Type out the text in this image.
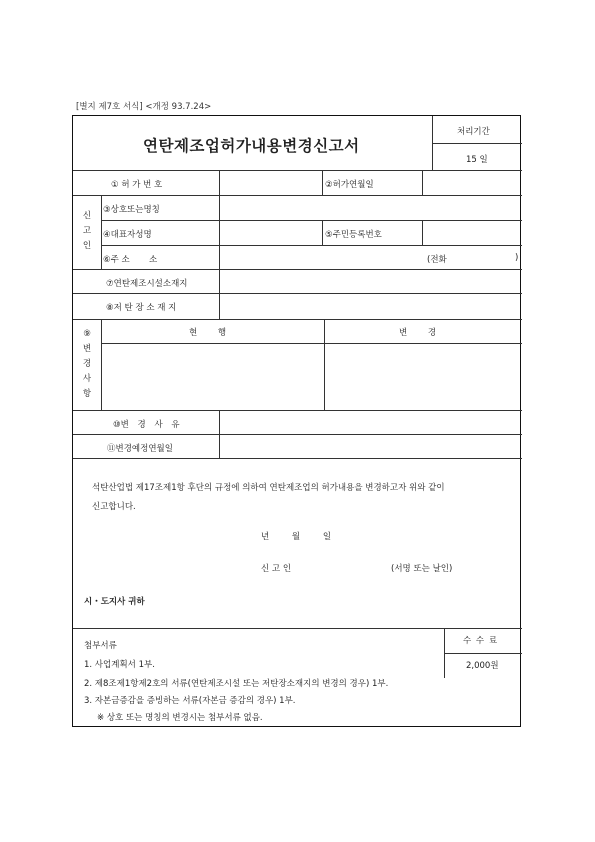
[별지 제7호 서식] <개정 93.7.24>
연탄제조업허가내용변경신고서
처리기간
15 일
① 허 가 번 호	②허가연월일
신
고
인
③상호또는명칭
④대표자성명	⑤주민등록번호
⑥주 소 소	(전화	)
⑦연탄제조시설소재지
⑧저 탄 장 소 재 지
⑨
변
경
사
항
현 행	변 경
⑩변 경 사 유
⑪변경예정연월일
석탄산업법 제17조제1항 후단의 규정에 의하여 연탄제조업의 허가내용을 변경하고자 위와 같이 신고합니다.
년 월 일
신 고 인	(서명 또는 날인)
시・도지사 귀하
첨부서류
1. 사업계획서 1부.
2. 제8조제1항제2호의 서류(연탄제조시설 또는 저탄장소재지의 변경의 경우) 1부.
3. 자본금증감을 증빙하는 서류(자본금 증감의 경우) 1부.
※ 상호 또는 명칭의 변경시는 첨부서류 없음.
수 수 료
2,000원
